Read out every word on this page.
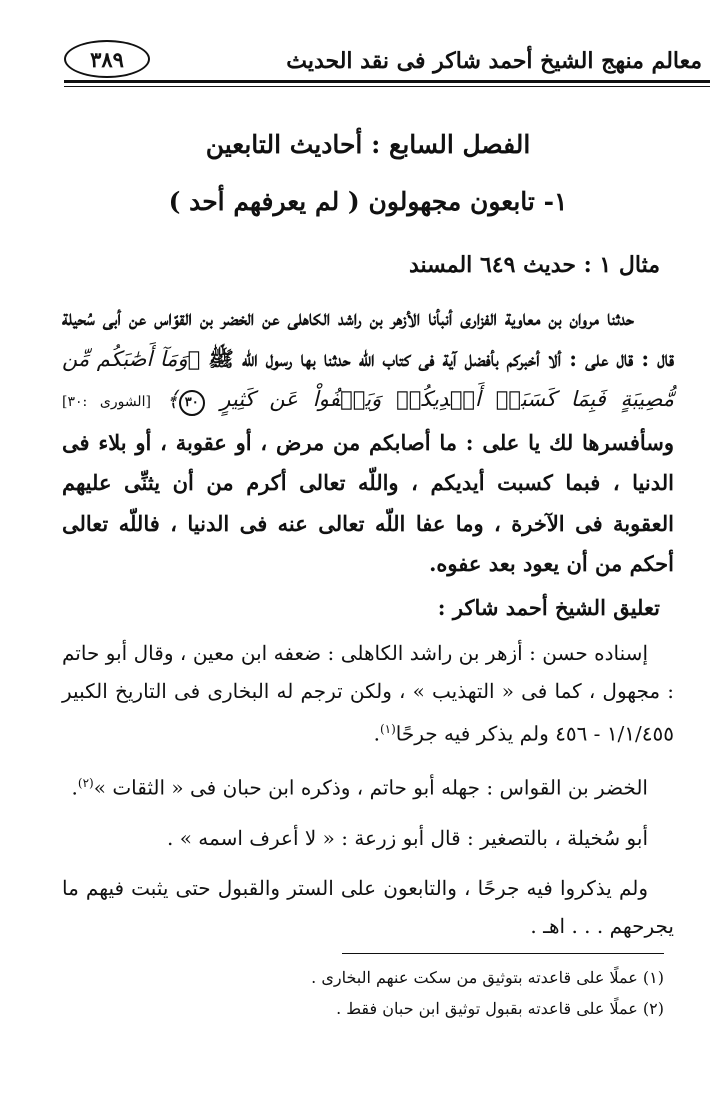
معالم منهج الشيخ أحمد شاكر فى نقد الحديث
٣٨٩
الفصل السابع : أحاديث التابعين
١- تابعون مجهولون ( لم يعرفهم أحد )
مثال ١ : حديث ٦٤٩ المسند

حدثنا مروان بن معاوية الفزارى أنبأنا الأزهر بن راشد الكاهلى عن الخضر بن القوّاس عن أبى سُحيلة قال : قال على : ألا أخبركم بأفضل آية فى كتاب اللّه حدثنا بها رسول اللّه ﷺ ﴿وَمَآ أَصَٰبَكُم مِّن مُّصِيبَةٍ فَبِمَا كَسَبَتۡ أَيۡدِيكُمۡ وَيَعۡفُواْ عَن كَثِيرٍ ٣٠﴾ [الشورى :٣٠] وسأفسرها لك يا على : ما أصابكم من مرض ، أو عقوبة ، أو بلاء فى الدنيا ، فبما كسبت أيديكم ، واللّه تعالى أكرم من أن يثنِّى عليهم العقوبة فى الآخرة ، وما عفا اللّه تعالى عنه فى الدنيا ، فاللّه تعالى أحكم من أن يعود بعد عفوه.

تعليق الشيخ أحمد شاكر :

إسناده حسن : أزهر بن راشد الكاهلى : ضعفه ابن معين ، وقال أبو حاتم : مجهول ، كما فى « التهذيب » ، ولكن ترجم له البخارى فى التاريخ الكبير ١/١/٤٥٥ - ٤٥٦ ولم يذكر فيه جرحًا$^{(١)}$.

الخضر بن القواس : جهله أبو حاتم ، وذكره ابن حبان فى « الثقات »$^{(٢)}$.

أبو سُخيلة ، بالتصغير : قال أبو زرعة : « لا أعرف اسمه » .

ولم يذكروا فيه جرحًا ، والتابعون على الستر والقبول حتى يثبت فيهم ما يجرحهم . . . اهـ .

(١) عملًا على قاعدته بتوثيق من سكت عنهم البخارى .

(٢) عملًا على قاعدته بقبول توثيق ابن حبان فقط .
